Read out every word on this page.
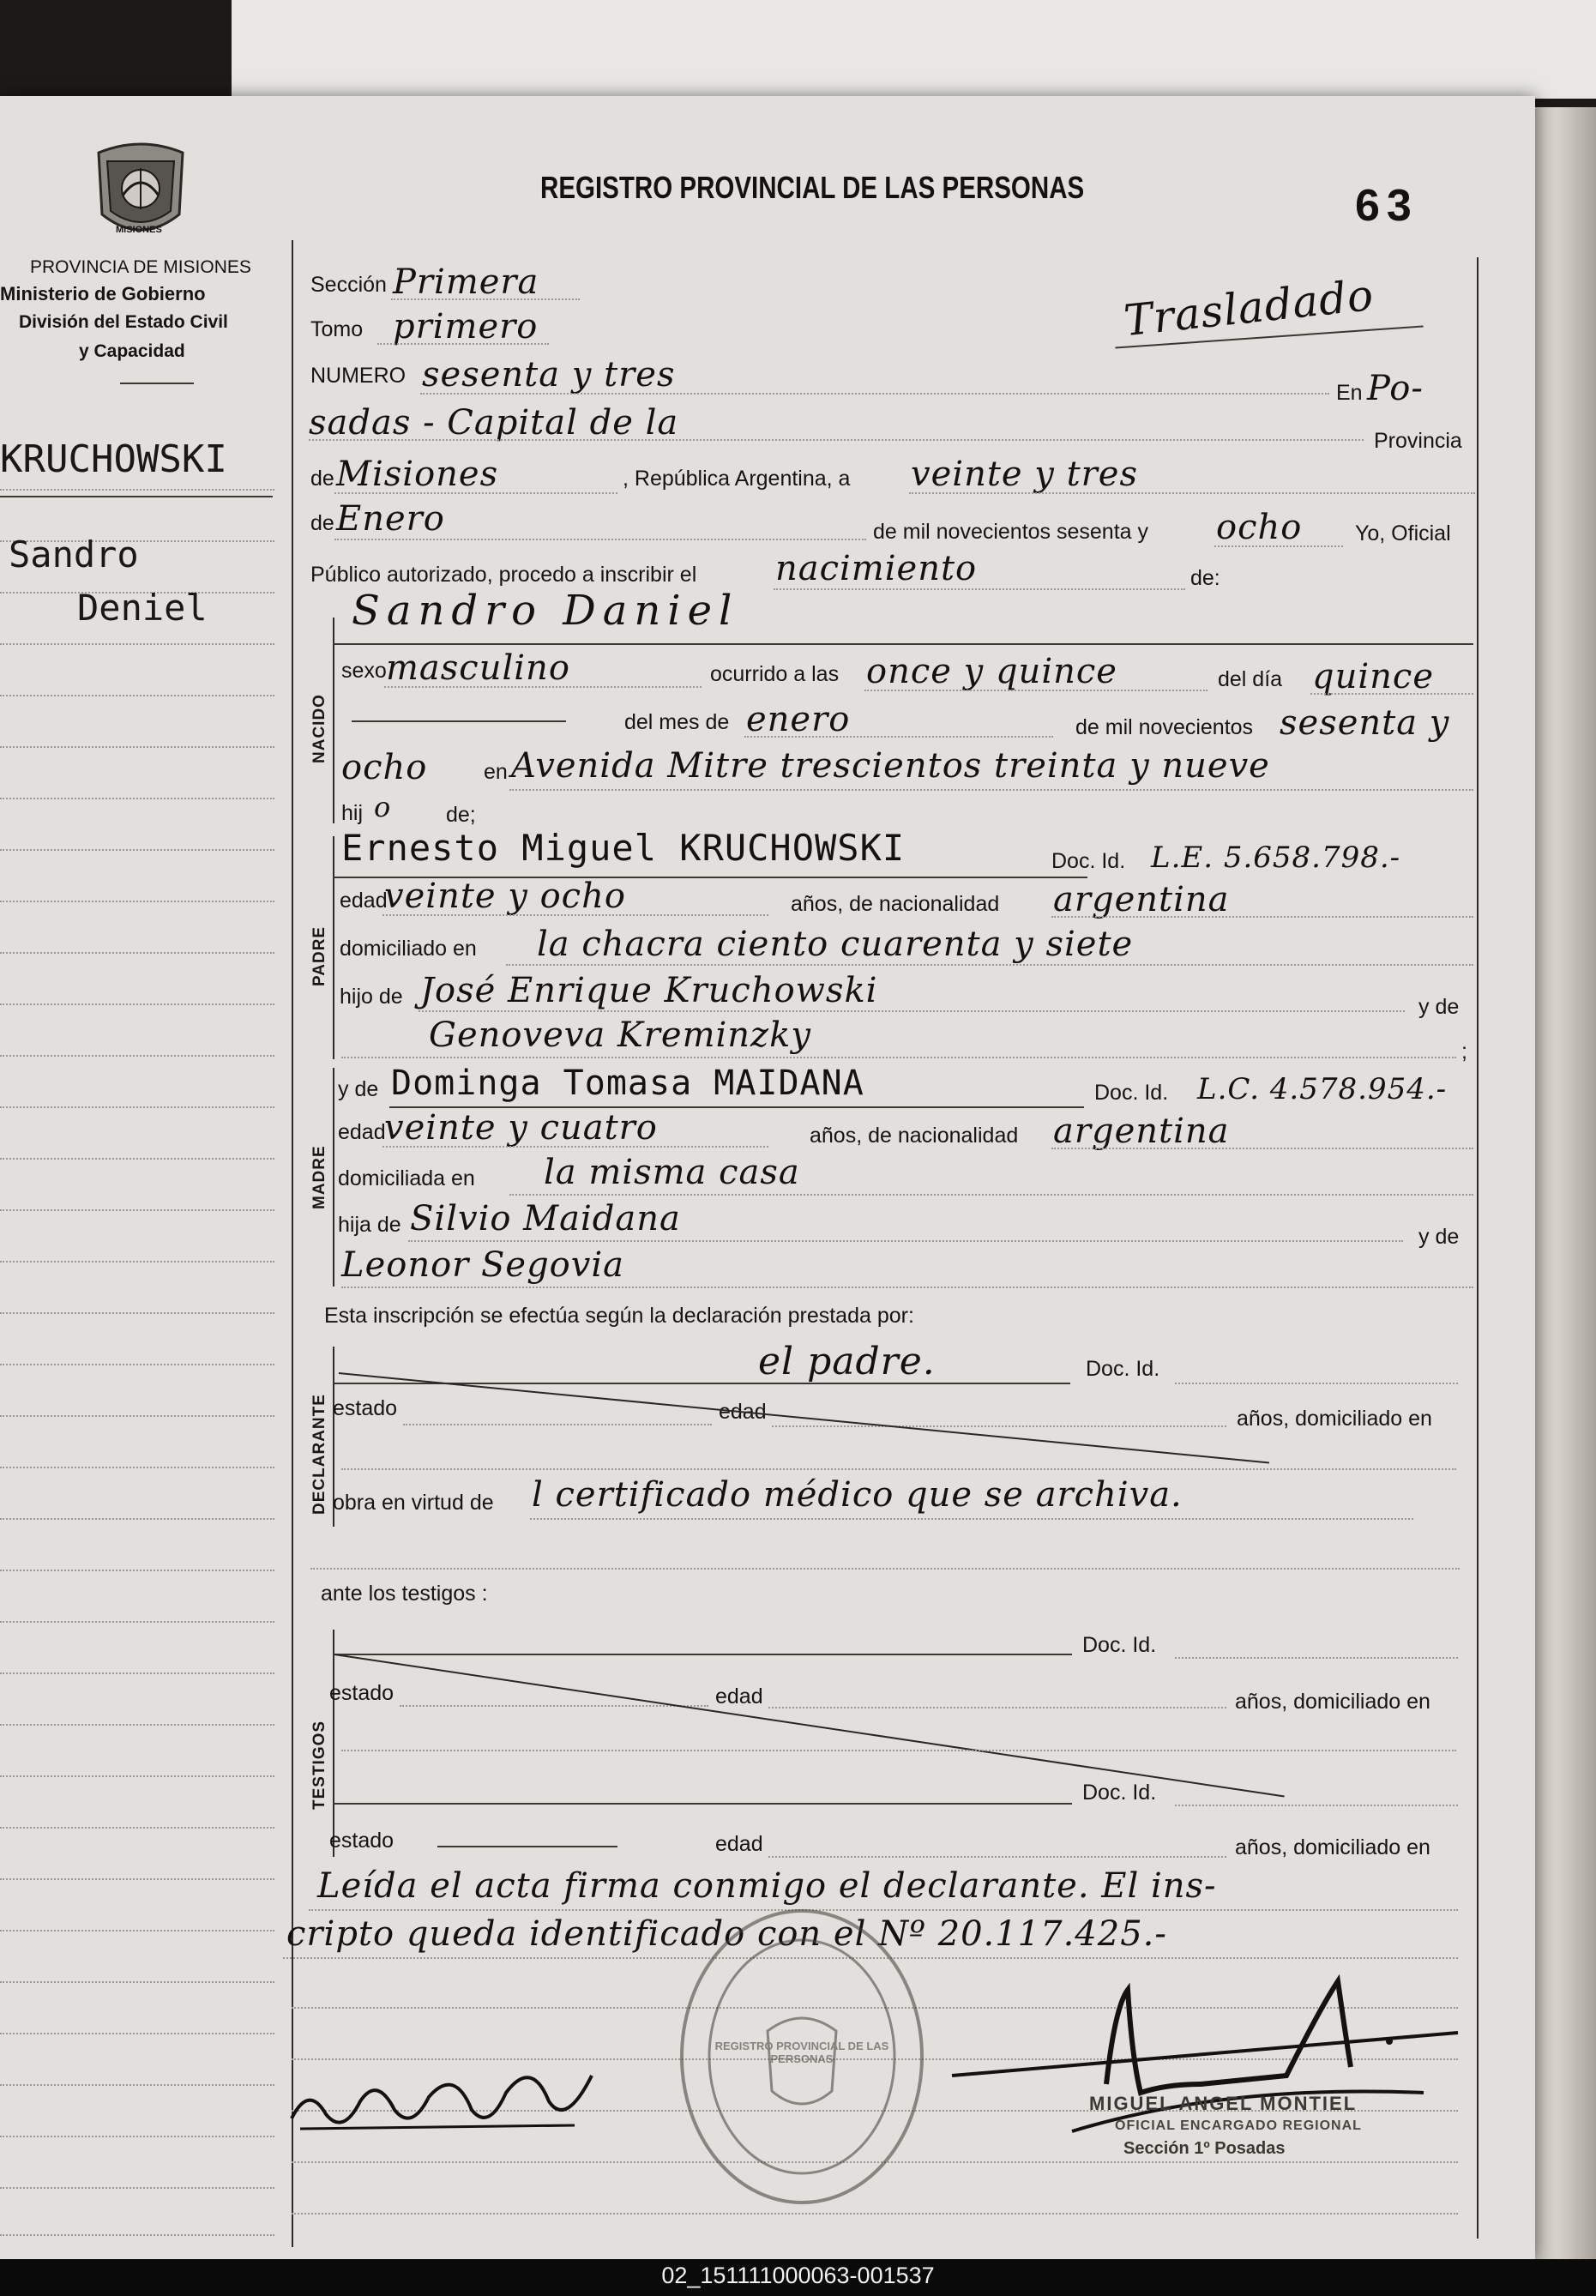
MISIONES
PROVINCIA DE MISIONES
Ministerio de Gobierno
División del Estado Civil
y Capacidad
REGISTRO PROVINCIAL DE LAS PERSONAS	63
Trasladado
KRUCHOWSKI
Sandro
Deniel
Sección Primera
Tomo primero
NUMERO sesenta y tres	En Po-
sadas - Capital de la	Provincia
de Misiones	, República Argentina, a veinte y tres
de Enero	de mil novecientos sesenta y ocho Yo, Oficial
Público autorizado, procedo a inscribir el nacimiento	de:
NACIDO
Sandro Daniel
sexo masculino	ocurrido a las once y quince	del día quince
del mes de enero	de mil novecientos sesenta y
ocho	en Avenida Mitre trescientos treinta y nueve
hij o	de;
PADRE
Ernesto Miguel KRUCHOWSKI	Doc. Id. L.E. 5.658.798.-
edad
veinte y ocho	años, de nacionalidad argentina
domiciliado en la chacra ciento cuarenta y siete
hijo de José Enrique Kruchowski	y de
Genoveva Kreminzky	;
MADRE
y de Dominga Tomasa MAIDANA	Doc. Id. L.C. 4.578.954.-
edad
veinte y cuatro	años, de nacionalidad argentina
domiciliada en la misma casa
hija de Silvio Maidana	y de
Leonor Segovia
Esta inscripción se efectúa según la declaración prestada por:
DECLARANTE
el padre.	Doc. Id.
estado	edad	años, domiciliado en
obra en virtud de l certificado médico que se archiva.
ante los testigos :
TESTIGOS
Doc. Id.
estado	edad	años, domiciliado en
Doc. Id.
estado	edad	años, domiciliado en
Leída el acta firma conmigo el declarante. El ins-
cripto queda identificado con el Nº 20.117.425.-
REGISTRO PROVINCIAL DE LAS PERSONAS
MIGUEL ANGEL MONTIEL
OFICIAL ENCARGADO REGIONAL
Sección 1º Posadas
02_151111000063-001537
